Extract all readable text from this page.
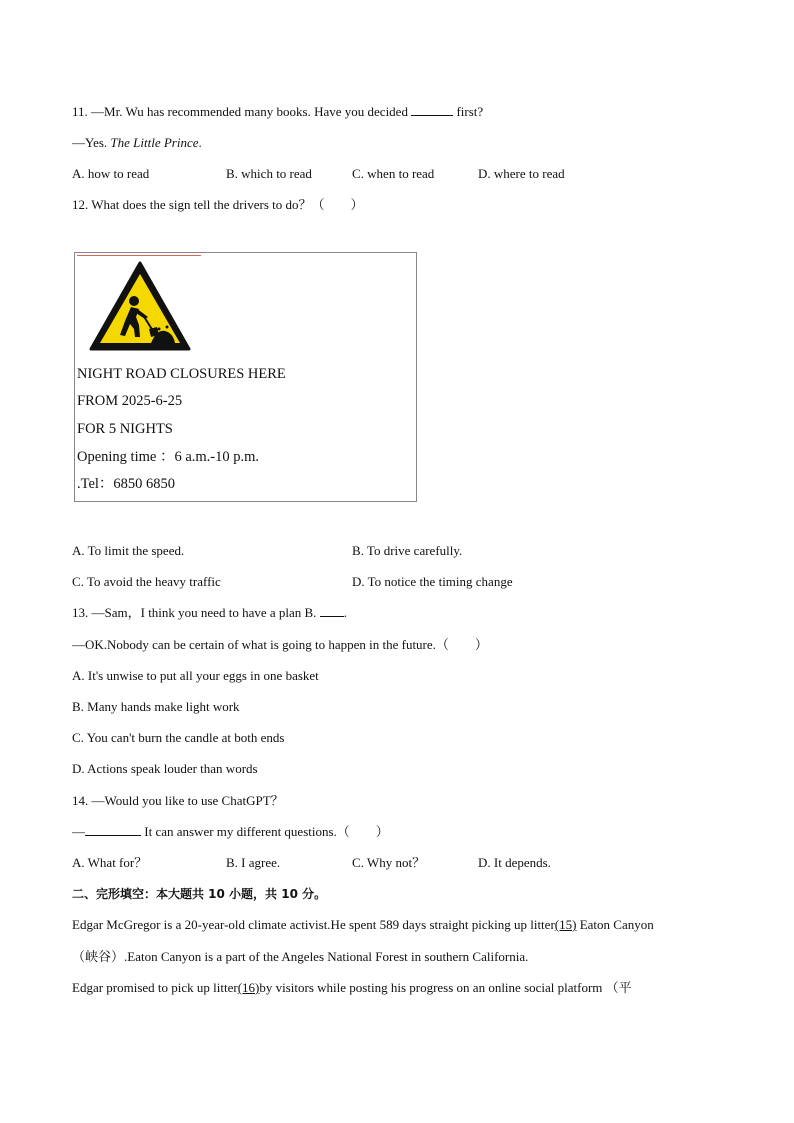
11. —Mr. Wu has recommended many books. Have you decided	first?
—Yes. The Little Prince.
A. how to read	B. which to read	C. when to read	D. where to read
12. What does the sign tell the drivers to do？（　　）
NIGHT ROAD CLOSURES HERE
FROM 2025-6-25
FOR 5 NIGHTS
Opening time ：6 a.m.-10 p.m.
.Tel：6850 6850
A. To limit the speed.	B. To drive carefully.
C. To avoid the heavy traffic	D. To notice the timing change
13. —Sam，I think you need to have a plan B. .
—OK.Nobody can be certain of what is going to happen in the future.（　　）
A. It's unwise to put all your eggs in one basket
B. Many hands make light work
C. You can't burn the candle at both ends
D. Actions speak louder than words
14. —Would you like to use ChatGPT？
—	It can answer my different questions.（　　）
A. What for？	B. I agree.	C. Why not？	D. It depends.
二、完形填空：本大题共 10 小题，共 10 分。
Edgar McGregor is a 20-year-old climate activist.He spent 589 days straight picking up litter(15) Eaton Canyon
（峡谷）.Eaton Canyon is a part of the Angeles National Forest in southern California.
Edgar promised to pick up litter(16)by visitors while posting his progress on an online social platform （平
